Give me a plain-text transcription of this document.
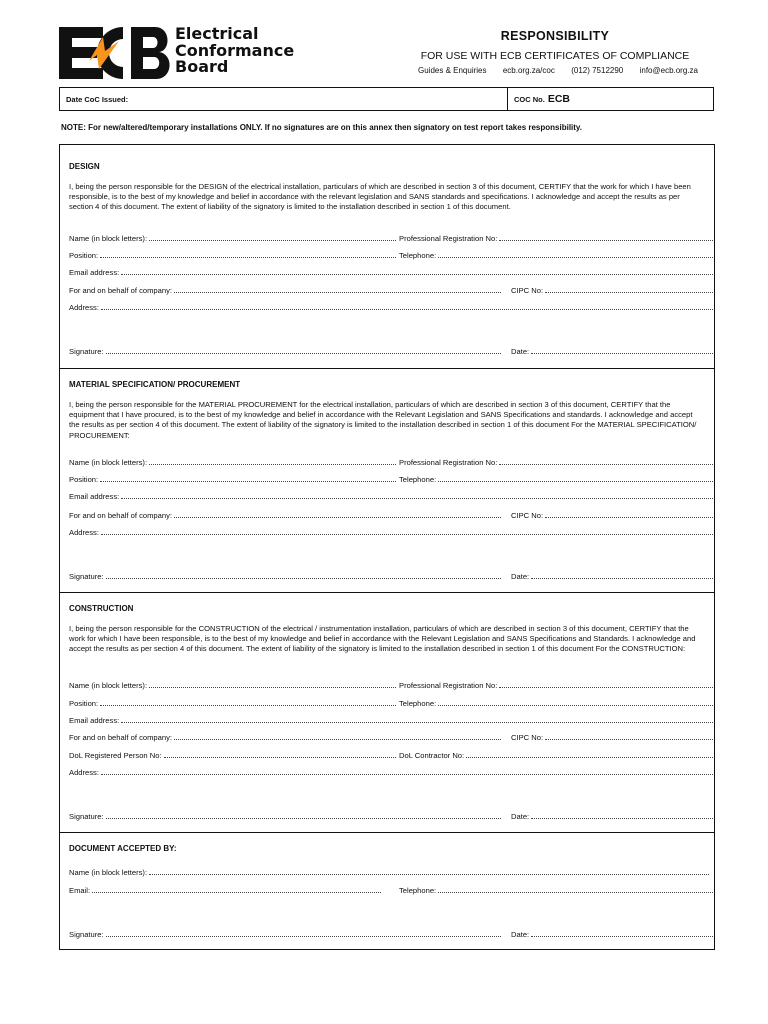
Electrical
Conformance
Board
RESPONSIBILITY
FOR USE WITH ECB CERTIFICATES OF COMPLIANCE
Guides & Enquiries ecb.org.za/coc (012) 7512290 info@ecb.org.za
Date CoC Issued:	COC No. ECB
NOTE: For new/altered/temporary installations ONLY. If no signatures are on this annex then signatory on test report takes responsibility.
DESIGN
I, being the person responsible for the DESIGN of the electrical installation, particulars of which are described in section 3 of this document, CERTIFY that the work for which I have been responsible, is to the best of my knowledge and belief in accordance with the relevant legislation and SANS standards and specifications. I acknowledge and accept the results as per section 4 of this document. The extent of liability of the signatory is limited to the installation described in section 1 of this document.
Name (in block letters):	Professional Registration No:
Position:	Telephone:
Email address:
For and on behalf of company:	CIPC No:
Address:
Signature:	Date:
MATERIAL SPECIFICATION/ PROCUREMENT
I, being the person responsible for the MATERIAL PROCUREMENT for the electrical installation, particulars of which are described in section 3 of this document, CERTIFY that the equipment that I have procured, is to the best of my knowledge and belief in accordance with the Relevant Legislation and SANS Specifications and standards. I acknowledge and accept the results as per section 4 of this document. The extent of liability of the signatory is limited to the installation described in section 1 of this document For the MATERIAL SPECIFICATION/ PROCUREMENT:
Name (in block letters):	Professional Registration No:
Position:	Telephone:
Email address:
For and on behalf of company:	CIPC No:
Address:
Signature:	Date:
CONSTRUCTION
I, being the person responsible for the CONSTRUCTION of the electrical / instrumentation installation, particulars of which are described in section 3 of this document, CERTIFY that the work for which I have been responsible, is to the best of my knowledge and belief in accordance with the Relevant Legislation and SANS Specifications and Standards. I acknowledge and accept the results as per section 4 of this document. The extent of liability of the signatory is limited to the installation described in section 1 of this document For the CONSTRUCTION:
Name (in block letters):	Professional Registration No:
Position:	Telephone:
Email address:
For and on behalf of company:	CIPC No:
DoL Registered Person No:	DoL Contractor No:
Address:
Signature:	Date:
DOCUMENT ACCEPTED BY:
Name (in block letters):
Email:	Telephone:
Signature:	Date:
